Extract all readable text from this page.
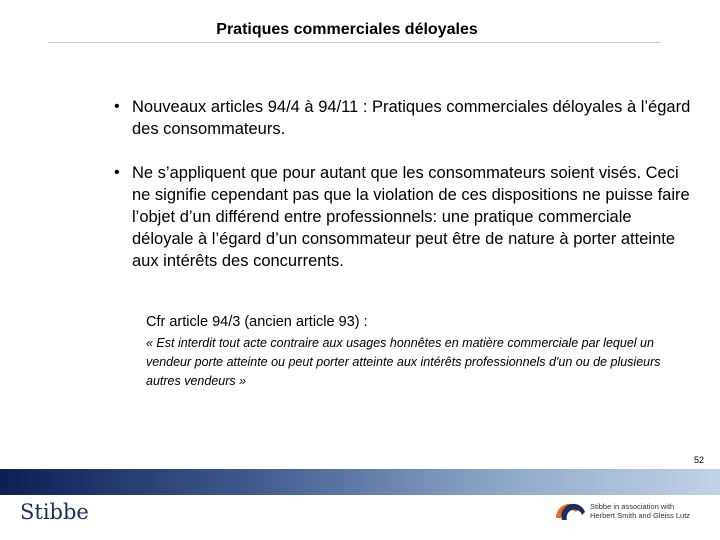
Pratiques commerciales déloyales
• Nouveaux articles 94/4 à 94/11 : Pratiques commerciales déloyales à l’égard des consommateurs.
• Ne s’appliquent que pour autant que les consommateurs soient visés. Ceci ne signifie cependant pas que la violation de ces dispositions ne puisse faire l’objet d’un différend entre professionnels: une pratique commerciale déloyale à l’égard d’un consommateur peut être de nature à porter atteinte aux intérêts des concurrents.
Cfr article 94/3 (ancien article 93) :
« Est interdit tout acte contraire aux usages honnêtes en matière commerciale par lequel un vendeur porte atteinte ou peut porter atteinte aux intérêts professionnels d'un ou de plusieurs autres vendeurs »
52
Stibbe	Stibbe in association with
Herbert Smith and Gleiss Lutz
